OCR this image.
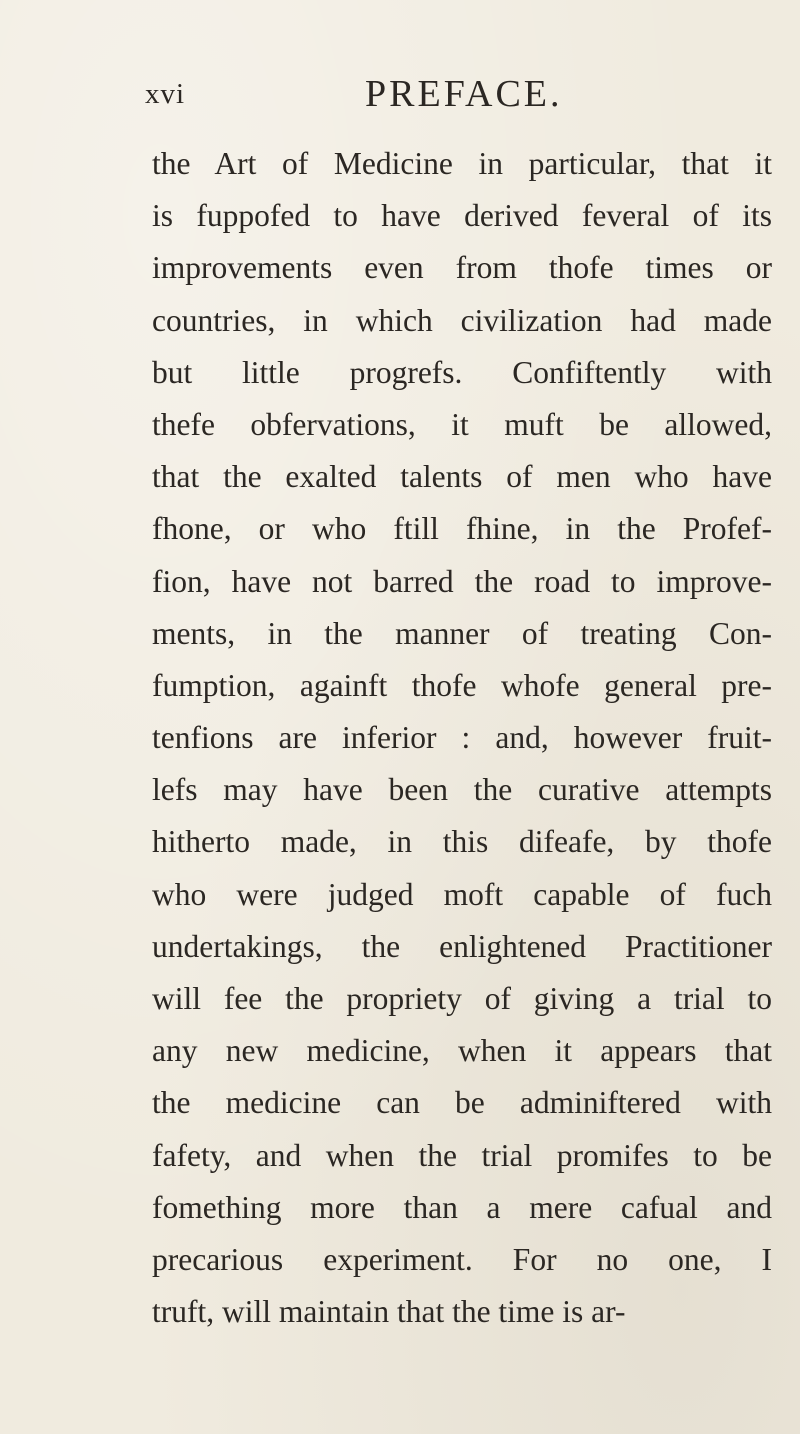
xvi	PREFACE.
the Art of Medicine in particular, that it
is fuppofed to have derived feveral of its
improvements even from thofe times or
countries, in which civilization had made
but little progrefs. Confiftently with
thefe obfervations, it muft be allowed,
that the exalted talents of men who have
fhone, or who ftill fhine, in the Profef-
fion, have not barred the road to improve-
ments, in the manner of treating Con-
fumption, againft thofe whofe general pre-
tenfions are inferior : and, however fruit-
lefs may have been the curative attempts
hitherto made, in this difeafe, by thofe
who were judged moft capable of fuch
undertakings, the enlightened Practitioner
will fee the propriety of giving a trial to
any new medicine, when it appears that
the medicine can be adminiftered with
fafety, and when the trial promifes to be
fomething more than a mere cafual and
precarious experiment. For no one, I
truft, will maintain that the time is ar-
